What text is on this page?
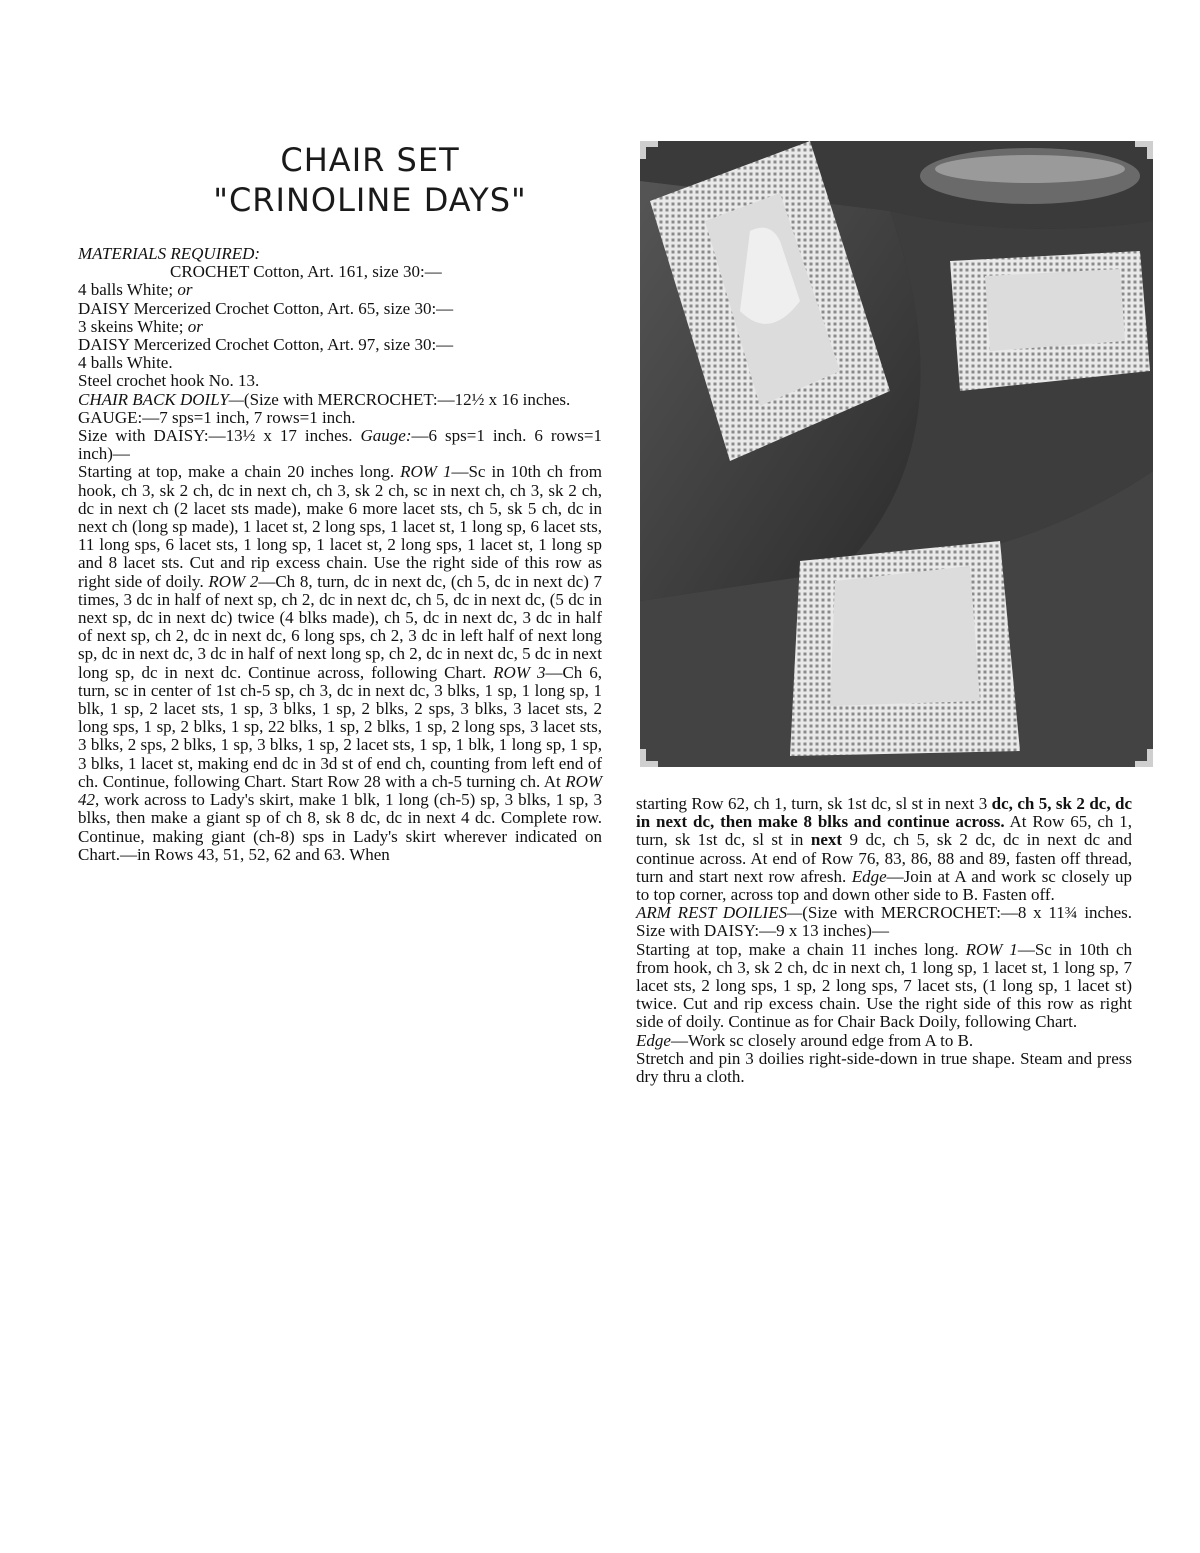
CHAIR SET
"CRINOLINE DAYS"

MATERIALS REQUIRED:

CROCHET Cotton, Art. 161, size 30:—

4 balls White; or

DAISY Mercerized Crochet Cotton, Art. 65, size 30:—

3 skeins White; or

DAISY Mercerized Crochet Cotton, Art. 97, size 30:—

4 balls White.

Steel crochet hook No. 13.

CHAIR BACK DOILY—(Size with MERCROCHET:—12½ x 16 inches.

GAUGE:—7 sps=1 inch, 7 rows=1 inch.

Size with DAISY:—13½ x 17 inches. Gauge:—6 sps=1 inch. 6 rows=1 inch)—

Starting at top, make a chain 20 inches long. ROW 1—Sc in 10th ch from hook, ch 3, sk 2 ch, dc in next ch, ch 3, sk 2 ch, sc in next ch, ch 3, sk 2 ch, dc in next ch (2 lacet sts made), make 6 more lacet sts, ch 5, sk 5 ch, dc in next ch (long sp made), 1 lacet st, 2 long sps, 1 lacet st, 1 long sp, 6 lacet sts, 11 long sps, 6 lacet sts, 1 long sp, 1 lacet st, 2 long sps, 1 lacet st, 1 long sp and 8 lacet sts. Cut and rip excess chain. Use the right side of this row as right side of doily. ROW 2—Ch 8, turn, dc in next dc, (ch 5, dc in next dc) 7 times, 3 dc in half of next sp, ch 2, dc in next dc, ch 5, dc in next dc, (5 dc in next sp, dc in next dc) twice (4 blks made), ch 5, dc in next dc, 3 dc in half of next sp, ch 2, dc in next dc, 6 long sps, ch 2, 3 dc in left half of next long sp, dc in next dc, 3 dc in half of next long sp, ch 2, dc in next dc, 5 dc in next long sp, dc in next dc. Continue across, following Chart. ROW 3—Ch 6, turn, sc in center of 1st ch-5 sp, ch 3, dc in next dc, 3 blks, 1 sp, 1 long sp, 1 blk, 1 sp, 2 lacet sts, 1 sp, 3 blks, 1 sp, 2 blks, 2 sps, 3 blks, 3 lacet sts, 2 long sps, 1 sp, 2 blks, 1 sp, 22 blks, 1 sp, 2 blks, 1 sp, 2 long sps, 3 lacet sts, 3 blks, 2 sps, 2 blks, 1 sp, 3 blks, 1 sp, 2 lacet sts, 1 sp, 1 blk, 1 long sp, 1 sp, 3 blks, 1 lacet st, making end dc in 3d st of end ch, counting from left end of ch. Continue, following Chart. Start Row 28 with a ch-5 turning ch. At ROW 42, work across to Lady's skirt, make 1 blk, 1 long (ch-5) sp, 3 blks, 1 sp, 3 blks, then make a giant sp of ch 8, sk 8 dc, dc in next 4 dc. Complete row. Continue, making giant (ch-8) sps in Lady's skirt wherever indicated on Chart.—in Rows 43, 51, 52, 62 and 63. When

starting Row 62, ch 1, turn, sk 1st dc, sl st in next 3 dc, ch 5, sk 2 dc, dc in next dc, then make 8 blks and continue across. At Row 65, ch 1, turn, sk 1st dc, sl st in next 9 dc, ch 5, sk 2 dc, dc in next dc and continue across. At end of Row 76, 83, 86, 88 and 89, fasten off thread, turn and start next row afresh. Edge—Join at A and work sc closely up to top corner, across top and down other side to B. Fasten off.

ARM REST DOILIES—(Size with MERCROCHET:—8 x 11¾ inches. Size with DAISY:—9 x 13 inches)—

Starting at top, make a chain 11 inches long. ROW 1—Sc in 10th ch from hook, ch 3, sk 2 ch, dc in next ch, 1 long sp, 1 lacet st, 1 long sp, 7 lacet sts, 2 long sps, 1 sp, 2 long sps, 7 lacet sts, (1 long sp, 1 lacet st) twice. Cut and rip excess chain. Use the right side of this row as right side of doily. Continue as for Chair Back Doily, following Chart.

Edge—Work sc closely around edge from A to B.

Stretch and pin 3 doilies right-side-down in true shape. Steam and press dry thru a cloth.
